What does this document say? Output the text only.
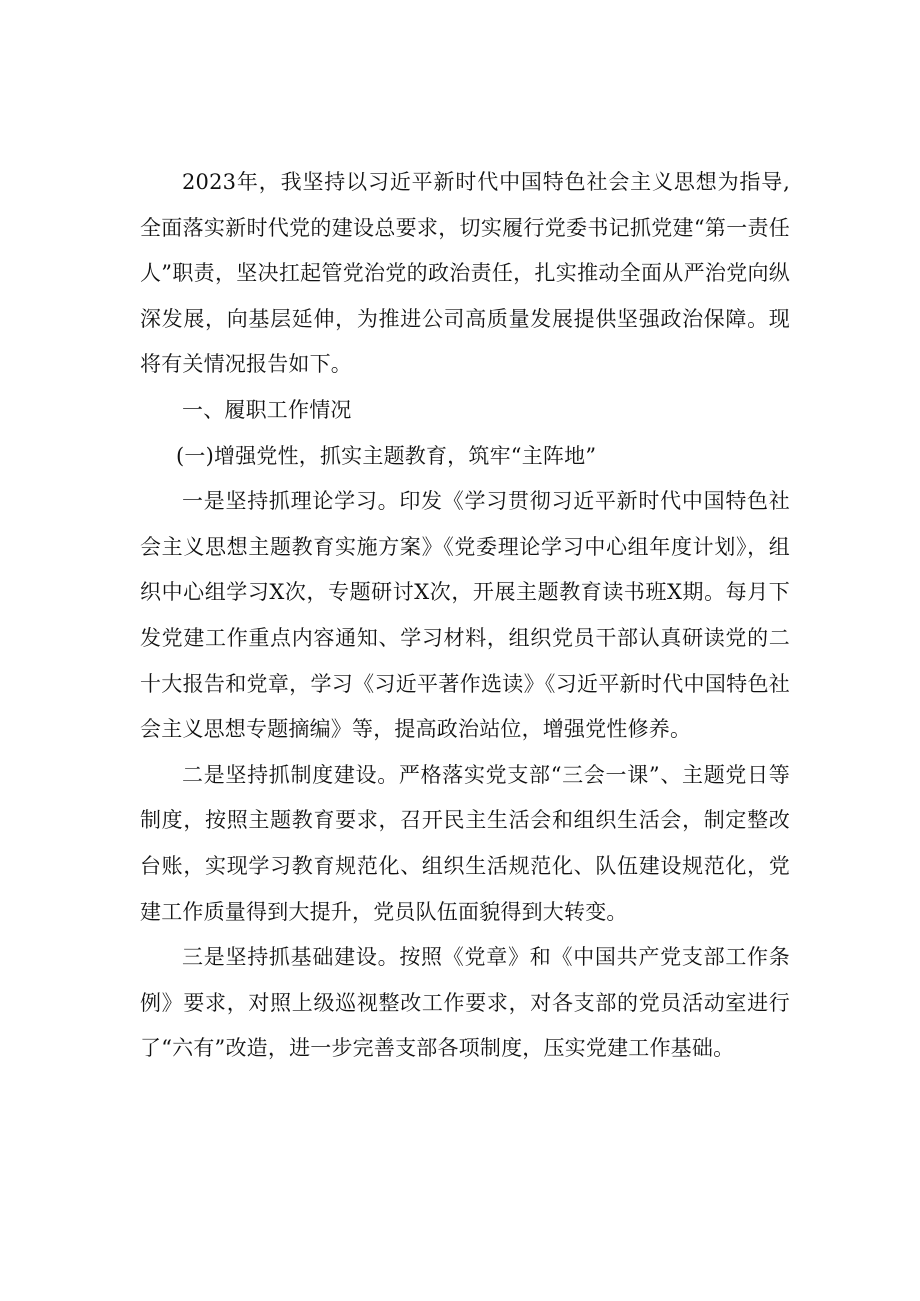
2023年，我坚持以习近平新时代中国特色社会主义思想为指导,全面落实新时代党的建设总要求，切实履行党委书记抓党建“第一责任人”职责，坚决扛起管党治党的政治责任，扎实推动全面从严治党向纵深发展，向基层延伸，为推进公司高质量发展提供坚强政治保障。现将有关情况报告如下。

一、履职工作情况

(一)增强党性，抓实主题教育，筑牢“主阵地”

一是坚持抓理论学习。印发《学习贯彻习近平新时代中国特色社会主义思想主题教育实施方案》《党委理论学习中心组年度计划》，组织中心组学习X次，专题研讨X次，开展主题教育读书班X期。每月下发党建工作重点内容通知、学习材料，组织党员干部认真研读党的二十大报告和党章，学习《习近平著作选读》《习近平新时代中国特色社会主义思想专题摘编》等，提高政治站位，增强党性修养。

二是坚持抓制度建设。严格落实党支部“三会一课”、主题党日等制度，按照主题教育要求，召开民主生活会和组织生活会，制定整改台账，实现学习教育规范化、组织生活规范化、队伍建设规范化，党建工作质量得到大提升，党员队伍面貌得到大转变。

三是坚持抓基础建设。按照《党章》和《中国共产党支部工作条例》要求，对照上级巡视整改工作要求，对各支部的党员活动室进行了“六有”改造，进一步完善支部各项制度，压实党建工作基础。
